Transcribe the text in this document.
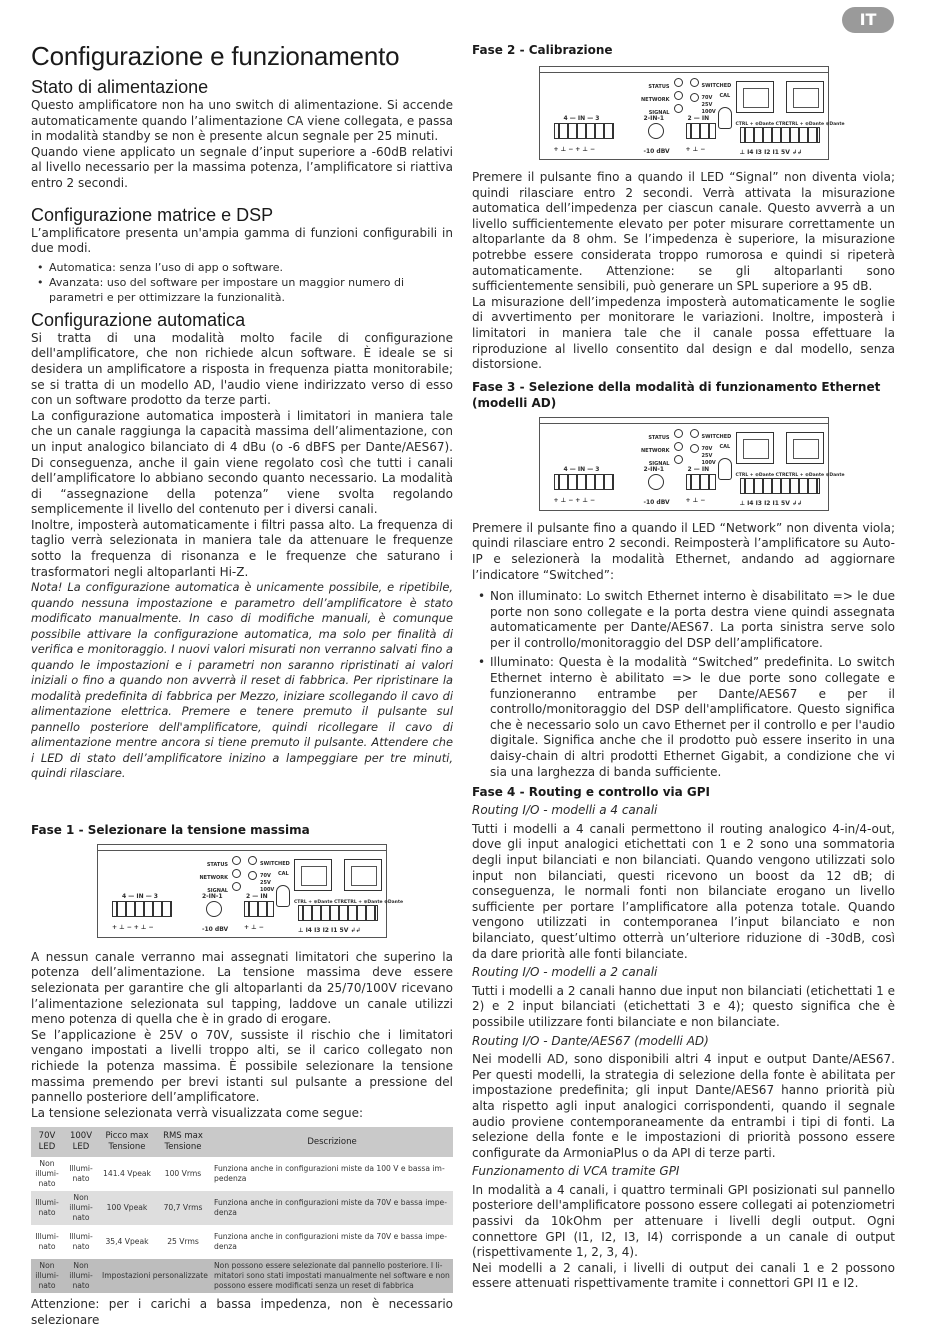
IT
Configurazione e funzionamento
Stato di alimentazione

Questo amplificatore non ha uno switch di alimentazione. Si accende automaticamente quando l’alimentazione CA viene collegata, e passa in modalità standby se non è presente alcun segnale per 25 minuti.

Quando viene applicato un segnale d’input superiore a -60dB relativi al livello necessario per la massima potenza, l’amplificatore si riattiva entro 2 secondi.

Configurazione matrice e DSP

L’amplificatore presenta un'ampia gamma di funzioni configurabili in due modi.

• Automatica: senza l’uso di app o software.
• Avanzata: uso del software per impostare un maggior numero di parametri e per ottimizzare la funzionalità.
Configurazione automatica

Si tratta di una modalità molto facile di configurazione dell'amplificatore, che non richiede alcun software. È ideale se si desidera un amplificatore a risposta in frequenza piatta monitorabile; se si tratta di un modello AD, l'audio viene indirizzato verso di esso con un software prodotto da terze parti.

La configurazione automatica imposterà i limitatori in maniera tale che un canale raggiunga la capacità massima dell’alimentazione, con un input analogico bilanciato di 4 dBu (o -6 dBFS per Dante/AES67). Di conseguenza, anche il gain viene regolato così che tutti i canali dell’amplificatore lo abbiano secondo quanto necessario. La modalità di “assegnazione della potenza” viene svolta regolando semplicemente il livello del contenuto per i diversi canali.

Inoltre, imposterà automaticamente i filtri passa alto. La frequenza di taglio verrà selezionata in maniera tale da attenuare le frequenze sotto la frequenza di risonanza e le frequenze che saturano i trasformatori negli altoparlanti Hi-Z.

Nota! La configurazione automatica è unicamente possibile, e ripetibile, quando nessuna impostazione e parametro dell’amplificatore è stato modificato manualmente. In caso di modifiche manuali, è comunque possibile attivare la configurazione automatica, ma solo per finalità di verifica e monitoraggio. I nuovi valori misurati non verranno salvati fino a quando le impostazioni e i parametri non saranno ripristinati ai valori iniziali o fino a quando non avverrà il reset di fabbrica. Per ripristinare la modalità predefinita di fabbrica per Mezzo, iniziare scollegando il cavo di alimentazione elettrica. Premere e tenere premuto il pulsante sul pannello posteriore dell'amplificatore, quindi ricollegare il cavo di alimentazione mentre ancora si tiene premuto il pulsante. Attendere che i LED di stato dell’amplificatore inizino a lampeggiare per tre minuti, quindi rilasciare.

Fase 1 - Selezionare la tensione massima
STATUS
NETWORK
SIGNAL
SWITCHED
70V
25V
100V
CAL
4 — IN — 3
+ ⊥ − + ⊥ −
2-IN-1
-10 dBV
2 — IN
+ ⊥ −
CTRL + ⊕Dante CTRL
CTRL + ⊕Dante ⊕Dante
⊥ I4 I3 I2 I1 5V ↲↲

A nessun canale verranno mai assegnati limitatori che superino la potenza dell’alimentazione. La tensione massima deve essere selezionata per garantire che gli altoparlanti da 25/70/100V ricevano l’alimentazione selezionata sul tapping, laddove un canale utilizzi meno potenza di quella che è in grado di erogare.

Se l’applicazione è 25V o 70V, sussiste il rischio che i limitatori vengano impostati a livelli troppo alti, se il carico collegato non richiede la potenza massima. È possibile selezionare la tensione massima premendo per brevi istanti sul pulsante a pressione del pannello posteriore dell’amplificatore.

La tensione selezionata verrà visualizzata come segue:

70V LED	100V LED	Picco max Tensione	RMS max Tensione	Descrizione
Non illumi-nato	Illumi-nato	141.4 Vpeak	100 Vrms	Funziona anche in configurazioni miste da 100 V e bassa im-pedenza
Illumi-nato	Non illumi-nato	100 Vpeak	70,7 Vrms	Funziona anche in configurazioni miste da 70V e bassa impe-denza
Illumi-nato	Illumi-nato	35,4 Vpeak	25 Vrms	Funziona anche in configurazioni miste da 70V e bassa impe-denza
Non illumi-nato	Non illumi-nato	Impostazioni personalizzate		Non possono essere selezionate dal pannello posteriore. I li-mitatori sono stati impostati manualmente nel software e non possono essere modificati senza un reset di fabbrica

Attenzione: per i carichi a bassa impedenza, non è necessario selezionare

Fase 2 - Calibrazione
STATUS
NETWORK
SIGNAL
SWITCHED
70V
25V
100V
CAL
4 — IN — 3
+ ⊥ − + ⊥ −
2-IN-1
-10 dBV
2 — IN
+ ⊥ −
CTRL + ⊕Dante CTRL
CTRL + ⊕Dante ⊕Dante
⊥ I4 I3 I2 I1 5V ↲↲

Premere il pulsante fino a quando il LED “Signal” non diventa viola; quindi rilasciare entro 2 secondi. Verrà attivata la misurazione automatica dell’impedenza per ciascun canale. Questo avverrà a un livello sufficientemente elevato per poter misurare correttamente un altoparlante da 8 ohm. Se l’impedenza è superiore, la misurazione potrebbe essere considerata troppo rumorosa e quindi si ripeterà automaticamente. Attenzione: se gli altoparlanti sono sufficientemente sensibili, può generare un SPL superiore a 95 dB.

La misurazione dell’impedenza imposterà automaticamente le soglie di avvertimento per monitorare le variazioni. Inoltre, imposterà i limitatori in maniera tale che il canale possa effettuare la riproduzione al livello consentito dal design e dal modello, senza distorsione.

Fase 3 - Selezione della modalità di funzionamento Ethernet (modelli AD)
STATUS
NETWORK
SIGNAL
SWITCHED
70V
25V
100V
CAL
4 — IN — 3
+ ⊥ − + ⊥ −
2-IN-1
-10 dBV
2 — IN
+ ⊥ −
CTRL + ⊕Dante CTRL
CTRL + ⊕Dante ⊕Dante
⊥ I4 I3 I2 I1 5V ↲↲

Premere il pulsante fino a quando il LED “Network” non diventa viola; quindi rilasciare entro 2 secondi. Reimposterà l’amplificatore su Auto-IP e selezionerà la modalità Ethernet, andando ad aggiornare l’indicatore “Switched”:

• Non illuminato: Lo switch Ethernet interno è disabilitato => le due porte non sono collegate e la porta destra viene quindi assegnata automaticamente per Dante/AES67. La porta sinistra serve solo per il controllo/monitoraggio del DSP dell’amplificatore.
• Illuminato: Questa è la modalità “Switched” predefinita. Lo switch Ethernet interno è abilitato => le due porte sono collegate e funzioneranno entrambe per Dante/AES67 e per il controllo/monitoraggio del DSP dell'amplificatore. Questo significa che è necessario solo un cavo Ethernet per il controllo e per l'audio digitale. Significa anche che il prodotto può essere inserito in una daisy-chain di altri prodotti Ethernet Gigabit, a condizione che vi sia una larghezza di banda sufficiente.
Fase 4 - Routing e controllo via GPI

Routing I/O - modelli a 4 canali

Tutti i modelli a 4 canali permettono il routing analogico 4-in/4-out, dove gli input analogici etichettati con 1 e 2 sono una sommatoria degli input bilanciati e non bilanciati. Quando vengono utilizzati solo input non bilanciati, questi ricevono un boost da 12 dB; di conseguenza, le normali fonti non bilanciate erogano un livello sufficiente per portare l’amplificatore alla potenza totale. Quando vengono utilizzati in contemporanea l’input bilanciato e non bilanciato, quest’ultimo otterrà un’ulteriore riduzione di -30dB, così da dare priorità alle fonti bilanciate.

Routing I/O - modelli a 2 canali

Tutti i modelli a 2 canali hanno due input non bilanciati (etichettati 1 e 2) e 2 input bilanciati (etichettati 3 e 4); questo significa che è possibile utilizzare fonti bilanciate e non bilanciate.

Routing I/O - Dante/AES67 (modelli AD)

Nei modelli AD, sono disponibili altri 4 input e output Dante/AES67. Per questi modelli, la strategia di selezione della fonte è abilitata per impostazione predefinita; gli input Dante/AES67 hanno priorità più alta rispetto agli input analogici corrispondenti, quando il segnale audio proviene contemporaneamente da entrambi i tipi di fonti. La selezione della fonte e le impostazioni di priorità possono essere configurate da ArmoniaPlus o da API di terze parti.

Funzionamento di VCA tramite GPI

In modalità a 4 canali, i quattro terminali GPI posizionati sul pannello posteriore dell'amplificatore possono essere collegati ai potenziometri passivi da 10kOhm per attenuare i livelli degli output. Ogni connettore GPI (I1, I2, I3, I4) corrisponde a un canale di output (rispettivamente 1, 2, 3, 4).

Nei modelli a 2 canali, i livelli di output dei canali 1 e 2 possono essere attenuati rispettivamente tramite i connettori GPI I1 e I2.
